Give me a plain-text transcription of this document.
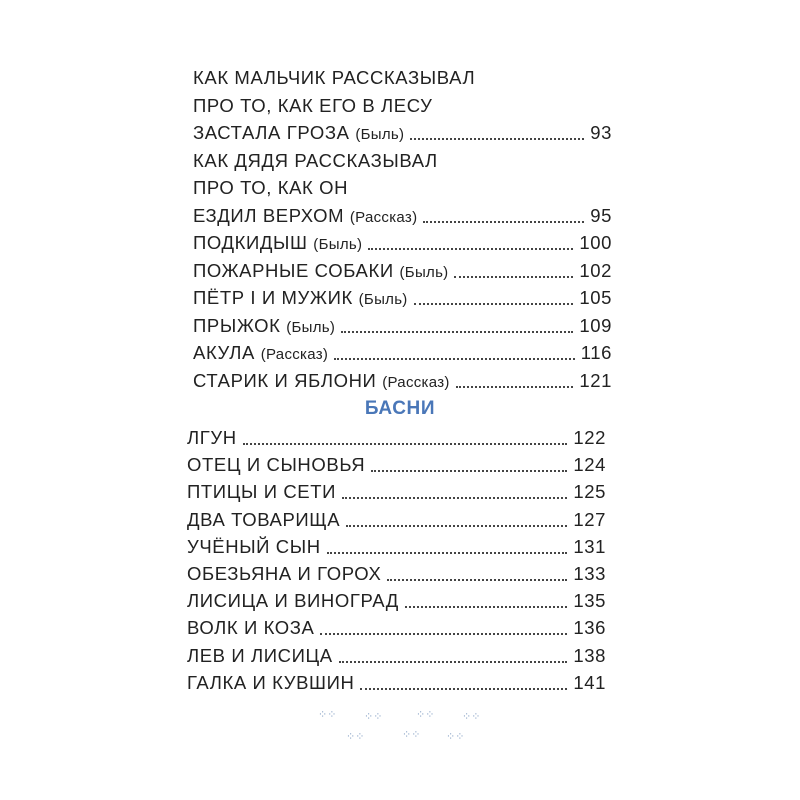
КАК МАЛЬЧИК РАССКАЗЫВАЛ
ПРО ТО, КАК ЕГО В ЛЕСУ
ЗАСТАЛА ГРОЗА (Быль)	93
КАК ДЯДЯ РАССКАЗЫВАЛ
ПРО ТО, КАК ОН
ЕЗДИЛ ВЕРХОМ (Рассказ)	95
ПОДКИДЫШ (Быль)	100
ПОЖАРНЫЕ СОБАКИ (Быль)	102
ПЁТР I И МУЖИК (Быль)	105
ПРЫЖОК (Быль)	109
АКУЛА (Рассказ)	116
СТАРИК И ЯБЛОНИ (Рассказ)	121
БАСНИ
ЛГУН	122
ОТЕЦ И СЫНОВЬЯ	124
ПТИЦЫ И СЕТИ	125
ДВА ТОВАРИЩА	127
УЧЁНЫЙ СЫН	131
ОБЕЗЬЯНА И ГОРОХ	133
ЛИСИЦА И ВИНОГРАД	135
ВОЛК И КОЗА	136
ЛЕВ И ЛИСИЦА	138
ГАЛКА И КУВШИН	141
⁘⁘	⁘⁘	⁘⁘	⁘⁘
⁘⁘	⁘⁘ ⁘⁘
